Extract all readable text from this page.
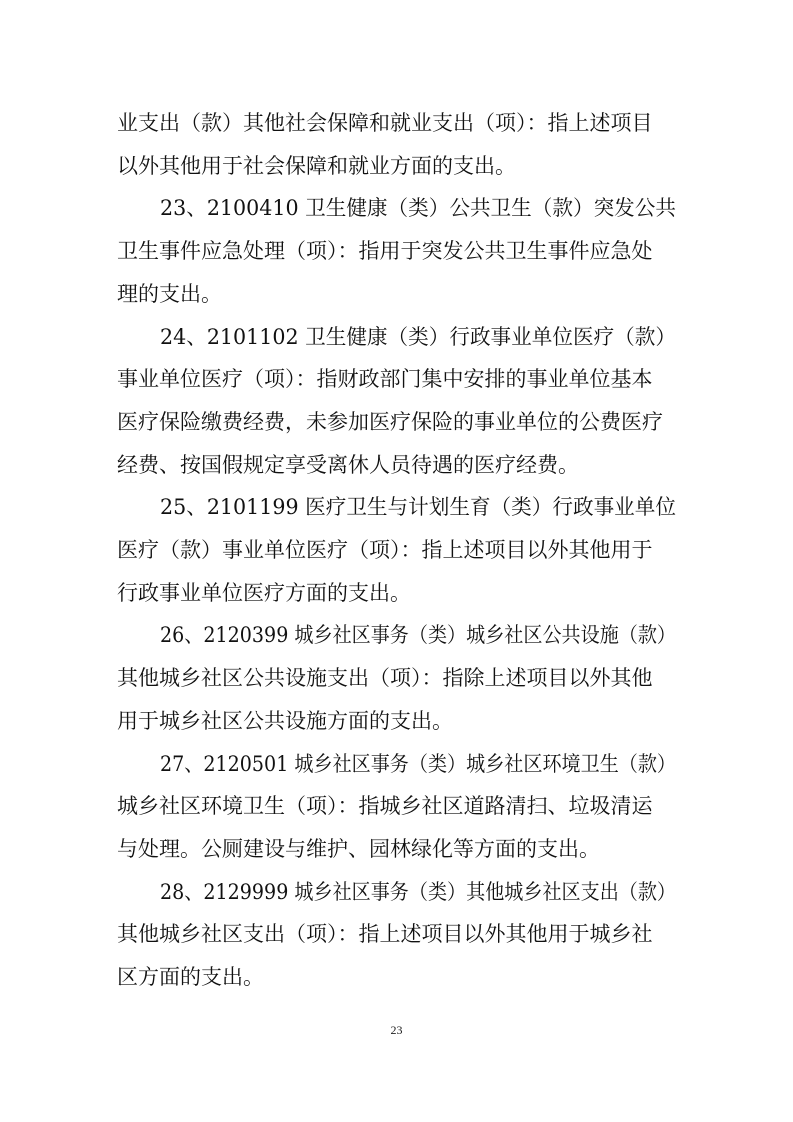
业支出（款）其他社会保障和就业支出（项）：指上述项目
以外其他用于社会保障和就业方面的支出。
23、2100410 卫生健康（类）公共卫生（款）突发公共
卫生事件应急处理（项）：指用于突发公共卫生事件应急处
理的支出。
24、2101102 卫生健康（类）行政事业单位医疗（款）
事业单位医疗（项）：指财政部门集中安排的事业单位基本
医疗保险缴费经费，未参加医疗保险的事业单位的公费医疗
经费、按国假规定享受离休人员待遇的医疗经费。
25、2101199 医疗卫生与计划生育（类）行政事业单位
医疗（款）事业单位医疗（项）：指上述项目以外其他用于
行政事业单位医疗方面的支出。
26、2120399 城乡社区事务（类）城乡社区公共设施（款）
其他城乡社区公共设施支出（项）：指除上述项目以外其他
用于城乡社区公共设施方面的支出。
27、2120501 城乡社区事务（类）城乡社区环境卫生（款）
城乡社区环境卫生（项）：指城乡社区道路清扫、垃圾清运
与处理。公厕建设与维护、园林绿化等方面的支出。
28、2129999 城乡社区事务（类）其他城乡社区支出（款）
其他城乡社区支出（项）：指上述项目以外其他用于城乡社
区方面的支出。
23
